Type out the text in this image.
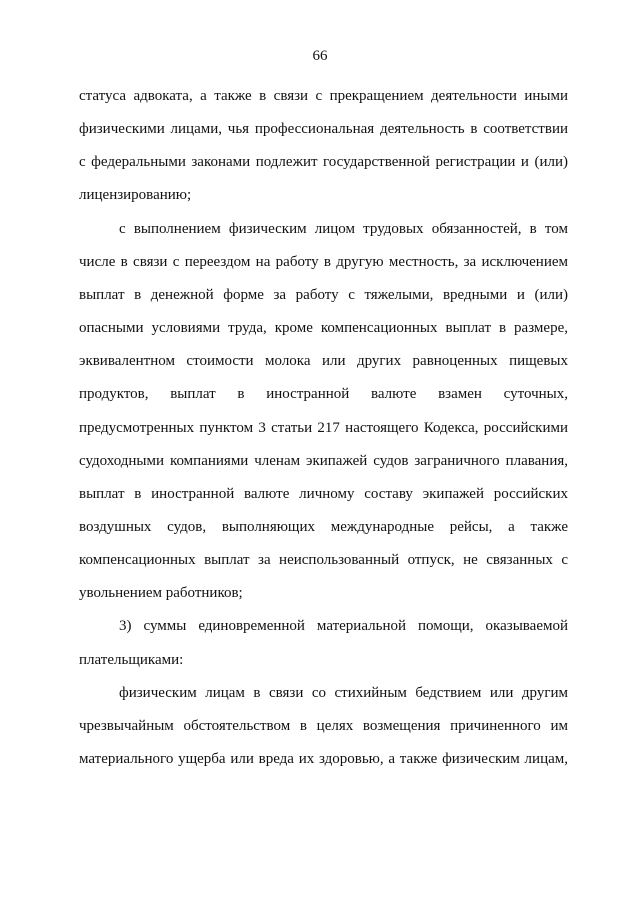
66
статуса адвоката, а также в связи с прекращением деятельности иными
физическими лицами, чья профессиональная деятельность в соответствии
с федеральными законами подлежит государственной регистрации и (или)
лицензированию;
с выполнением физическим лицом трудовых обязанностей, в том
числе в связи с переездом на работу в другую местность, за исключением
выплат в денежной форме за работу с тяжелыми, вредными и (или)
опасными условиями труда, кроме компенсационных выплат в размере,
эквивалентном стоимости молока или других равноценных пищевых
продуктов, выплат в иностранной валюте взамен суточных,
предусмотренных пунктом 3 статьи 217 настоящего Кодекса, российскими
судоходными компаниями членам экипажей судов заграничного плавания,
выплат в иностранной валюте личному составу экипажей российских
воздушных судов, выполняющих международные рейсы, а также
компенсационных выплат за неиспользованный отпуск, не связанных с
увольнением работников;
3) суммы единовременной материальной помощи, оказываемой
плательщиками:
физическим лицам в связи со стихийным бедствием или другим
чрезвычайным обстоятельством в целях возмещения причиненного им
материального ущерба или вреда их здоровью, а также физическим лицам,
